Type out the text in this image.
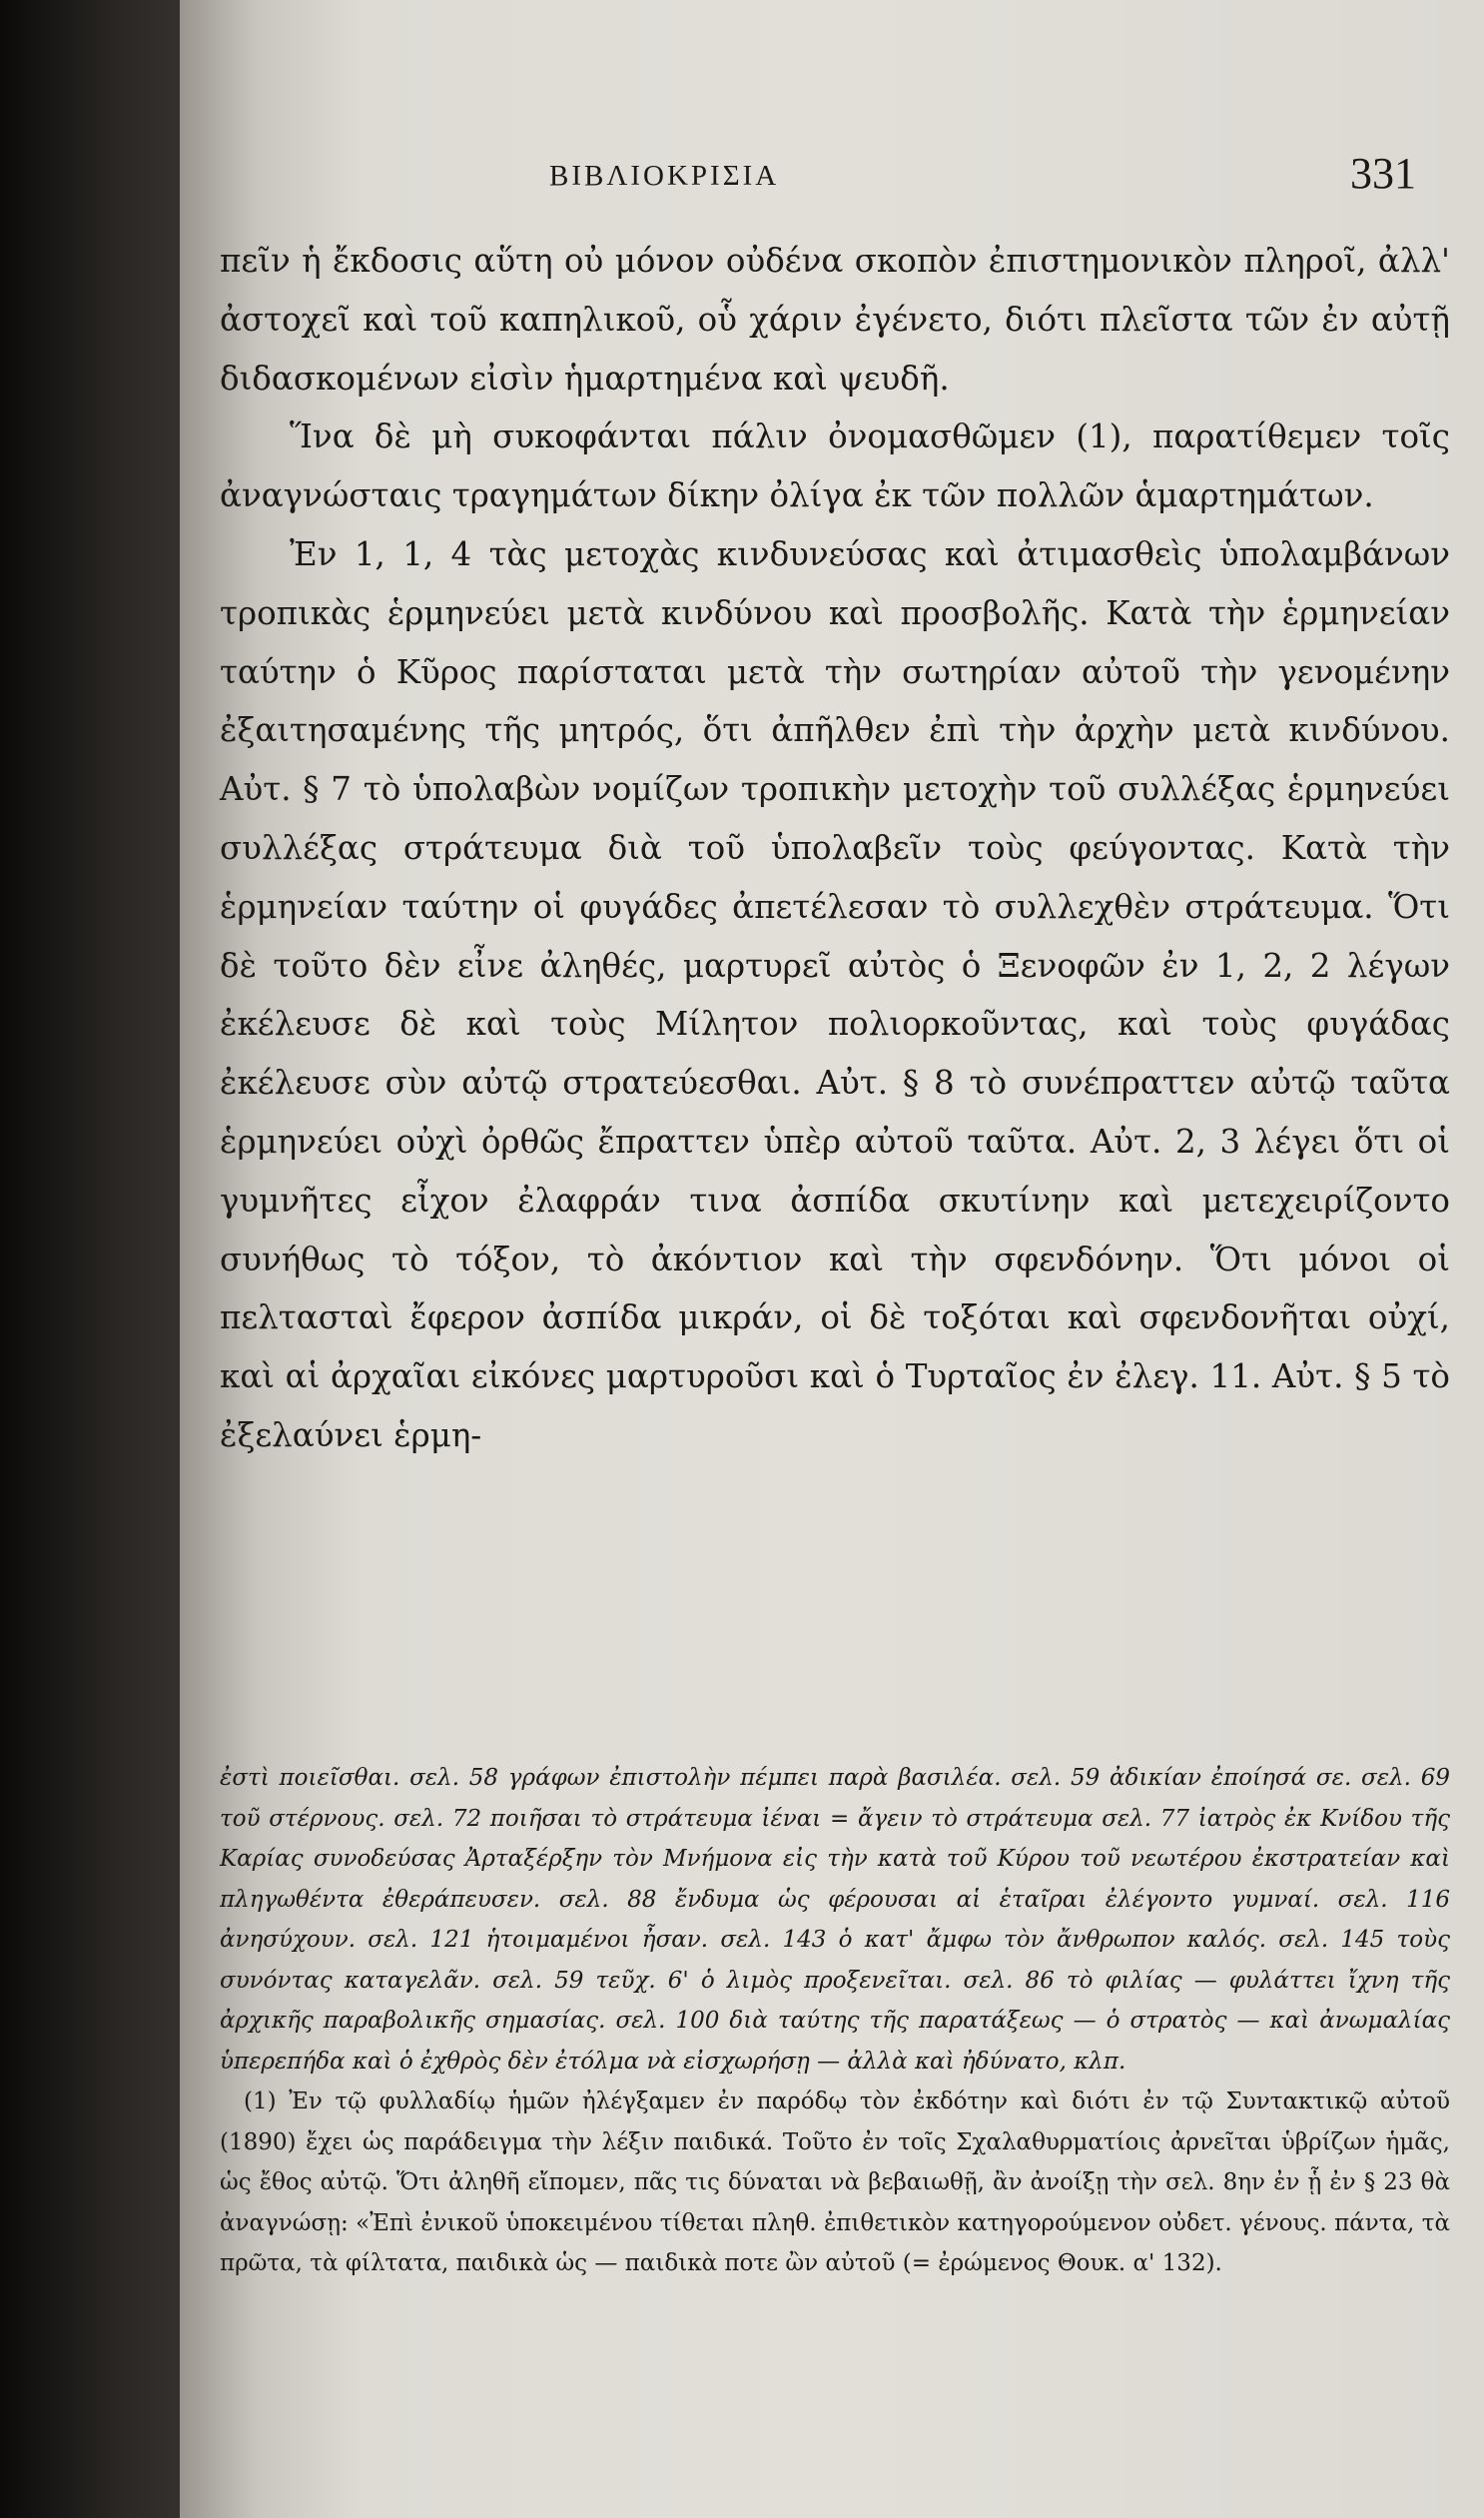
ΒΙΒΛΙΟΚΡΙΣΙΑ	331

πεῖν ἡ ἔκδοσις αὕτη οὐ μόνον οὐδένα σκοπὸν ἐπιστημονικὸν πληροῖ, ἀλλ' ἀστοχεῖ καὶ τοῦ καπηλικοῦ, οὗ χάριν ἐγένετο, διότι πλεῖστα τῶν ἐν αὐτῇ διδασκομένων εἰσὶν ἡμαρτημένα καὶ ψευδῆ.

Ἵνα δὲ μὴ συκοφάνται πάλιν ὀνομασθῶμεν (1), παρατίθεμεν τοῖς ἀναγνώσταις τραγημάτων δίκην ὀλίγα ἐκ τῶν πολλῶν ἁμαρτημάτων.

Ἐν 1, 1, 4 τὰς μετοχὰς κινδυνεύσας καὶ ἀτιμασθεὶς ὑπολαμβάνων τροπικὰς ἑρμηνεύει μετὰ κινδύνου καὶ προσβολῆς. Κατὰ τὴν ἑρμηνείαν ταύτην ὁ Κῦρος παρίσταται μετὰ τὴν σωτηρίαν αὐτοῦ τὴν γενομένην ἐξαιτησαμένης τῆς μητρός, ὅτι ἀπῆλθεν ἐπὶ τὴν ἀρχὴν μετὰ κινδύνου. Αὐτ. § 7 τὸ ὑπολαβὼν νομίζων τροπικὴν μετοχὴν τοῦ συλλέξας ἑρμηνεύει συλλέξας στράτευμα διὰ τοῦ ὑπολαβεῖν τοὺς φεύγοντας. Κατὰ τὴν ἑρμηνείαν ταύτην οἱ φυγάδες ἀπετέλεσαν τὸ συλλεχθὲν στράτευμα. Ὅτι δὲ τοῦτο δὲν εἶνε ἀληθές, μαρτυρεῖ αὐτὸς ὁ Ξενοφῶν ἐν 1, 2, 2 λέγων ἐκέλευσε δὲ καὶ τοὺς Μίλητον πολιορκοῦντας, καὶ τοὺς φυγάδας ἐκέλευσε σὺν αὐτῷ στρατεύεσθαι. Αὐτ. § 8 τὸ συνέπραττεν αὐτῷ ταῦτα ἑρμηνεύει οὐχὶ ὀρθῶς ἔπραττεν ὑπὲρ αὐτοῦ ταῦτα. Αὐτ. 2, 3 λέγει ὅτι οἱ γυμνῆτες εἶχον ἐλαφράν τινα ἀσπίδα σκυτίνην καὶ μετεχειρίζοντο συνήθως τὸ τόξον, τὸ ἀκόντιον καὶ τὴν σφενδόνην. Ὅτι μόνοι οἱ πελτασταὶ ἔφερον ἀσπίδα μικράν, οἱ δὲ τοξόται καὶ σφενδονῆται οὐχί, καὶ αἱ ἀρχαῖαι εἰκόνες μαρτυροῦσι καὶ ὁ Τυρταῖος ἐν ἐλεγ. 11. Αὐτ. § 5 τὸ ἐξελαύνει ἑρμη-

ἐστὶ ποιεῖσθαι. σελ. 58 γράφων ἐπιστολὴν πέμπει παρὰ βασιλέα. σελ. 59 ἀδικίαν ἐποίησά σε. σελ. 69 τοῦ στέρνους. σελ. 72 ποιῆσαι τὸ στράτευμα ἰέναι = ἄγειν τὸ στράτευμα σελ. 77 ἰατρὸς ἐκ Κνίδου τῆς Καρίας συνοδεύσας Ἀρταξέρξην τὸν Μνήμονα εἰς τὴν κατὰ τοῦ Κύρου τοῦ νεωτέρου ἐκστρατείαν καὶ πληγωθέντα ἐθεράπευσεν. σελ. 88 ἔνδυμα ὡς φέρουσαι αἱ ἑταῖραι ἐλέγοντο γυμναί. σελ. 116 ἀνησύχουν. σελ. 121 ἡτοιμαμένοι ἦσαν. σελ. 143 ὁ κατ' ἄμφω τὸν ἄνθρωπον καλός. σελ. 145 τοὺς συνόντας καταγελᾶν. σελ. 59 τεῦχ. 6' ὁ λιμὸς προξενεῖται. σελ. 86 τὸ φιλίας — φυλάττει ἴχνη τῆς ἀρχικῆς παραβολικῆς σημασίας. σελ. 100 διὰ ταύτης τῆς παρατάξεως — ὁ στρατὸς — καὶ ἀνωμαλίας ὑπερεπήδα καὶ ὁ ἐχθρὸς δὲν ἐτόλμα νὰ εἰσχωρήσῃ — ἀλλὰ καὶ ἠδύνατο, κλπ.

(1) Ἐν τῷ φυλλαδίῳ ἡμῶν ἠλέγξαμεν ἐν παρόδῳ τὸν ἐκδότην καὶ διότι ἐν τῷ Συντακτικῷ αὐτοῦ (1890) ἔχει ὡς παράδειγμα τὴν λέξιν παιδικά. Τοῦτο ἐν τοῖς Σχαλαθυρματίοις ἀρνεῖται ὑβρίζων ἡμᾶς, ὡς ἔθος αὐτῷ. Ὅτι ἀληθῆ εἴπομεν, πᾶς τις δύναται νὰ βεβαιωθῇ, ἂν ἀνοίξῃ τὴν σελ. 8ην ἐν ᾗ ἐν § 23 θὰ ἀναγνώσῃ: «Ἐπὶ ἐνικοῦ ὑποκειμένου τίθεται πληθ. ἐπιθετικὸν κατηγορούμενον οὐδετ. γένους. πάντα, τὰ πρῶτα, τὰ φίλτατα, παιδικὰ ὡς — παιδικὰ ποτε ὢν αὐτοῦ (= ἐρώμενος Θουκ. α' 132).
